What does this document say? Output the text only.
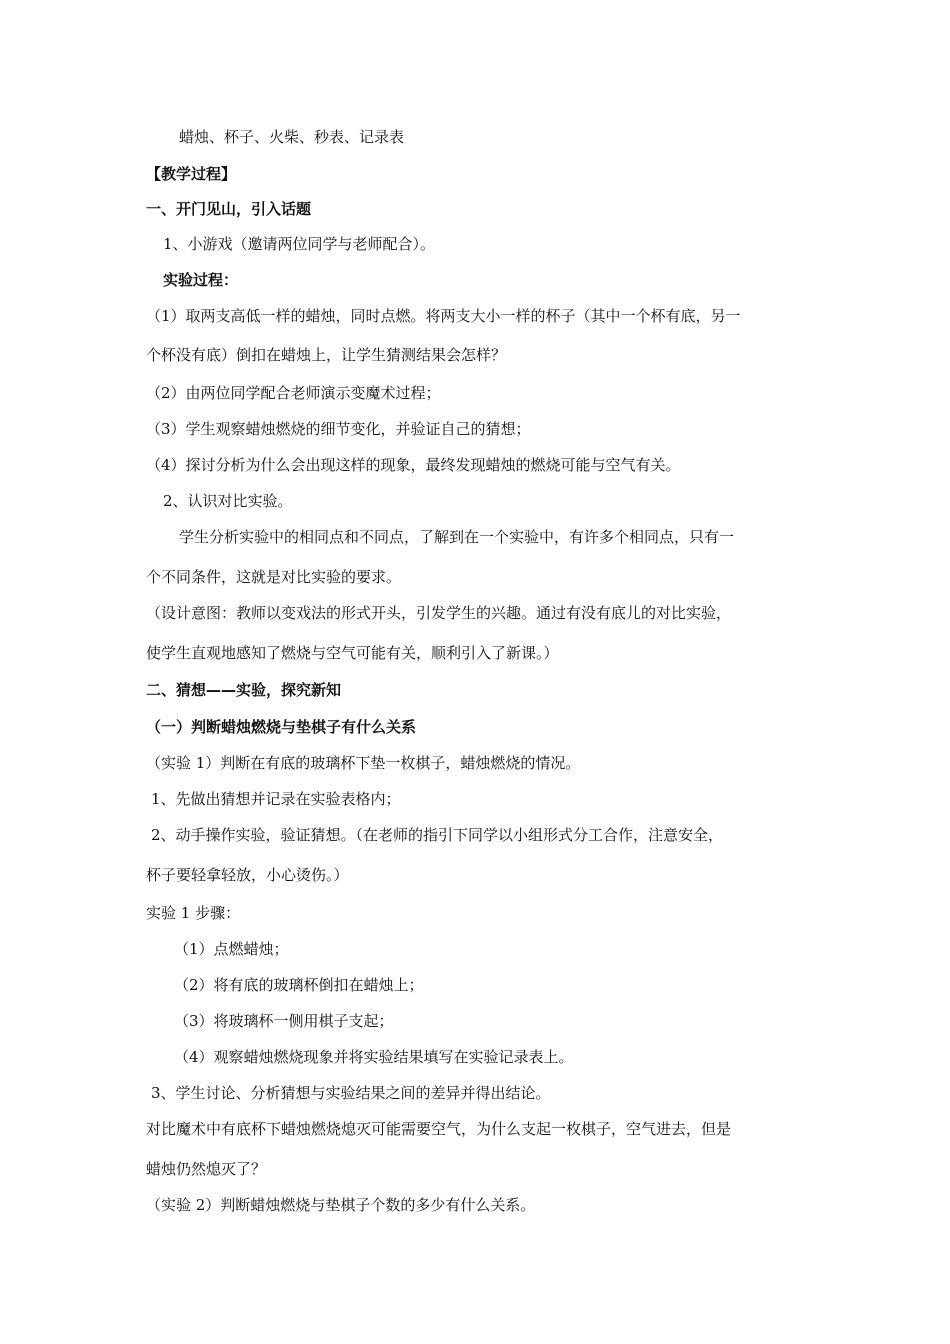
蜡烛、杯子、火柴、秒表、记录表
【教学过程】
一、开门见山，引入话题
1、小游戏（邀请两位同学与老师配合）。
实验过程：
（1）取两支高低一样的蜡烛，同时点燃。将两支大小一样的杯子（其中一个杯有底，另一
个杯没有底）倒扣在蜡烛上，让学生猜测结果会怎样？
（2）由两位同学配合老师演示变魔术过程；
（3）学生观察蜡烛燃烧的细节变化，并验证自己的猜想；
（4）探讨分析为什么会出现这样的现象，最终发现蜡烛的燃烧可能与空气有关。
2、认识对比实验。
学生分析实验中的相同点和不同点，了解到在一个实验中，有许多个相同点，只有一
个不同条件，这就是对比实验的要求。
（设计意图：教师以变戏法的形式开头，引发学生的兴趣。通过有没有底儿的对比实验，
使学生直观地感知了燃烧与空气可能有关，顺利引入了新课。）
二、猜想——实验，探究新知
（一）判断蜡烛燃烧与垫棋子有什么关系
（实验 1）判断在有底的玻璃杯下垫一枚棋子，蜡烛燃烧的情况。
1、先做出猜想并记录在实验表格内；
2、动手操作实验，验证猜想。（在老师的指引下同学以小组形式分工合作，注意安全，
杯子要轻拿轻放，小心烫伤。）
实验 1 步骤：
（1）点燃蜡烛；
（2）将有底的玻璃杯倒扣在蜡烛上；
（3）将玻璃杯一侧用棋子支起；
（4）观察蜡烛燃烧现象并将实验结果填写在实验记录表上。
3、学生讨论、分析猜想与实验结果之间的差异并得出结论。
对比魔术中有底杯下蜡烛燃烧熄灭可能需要空气，为什么支起一枚棋子，空气进去，但是
蜡烛仍然熄灭了？
（实验 2）判断蜡烛燃烧与垫棋子个数的多少有什么关系。
